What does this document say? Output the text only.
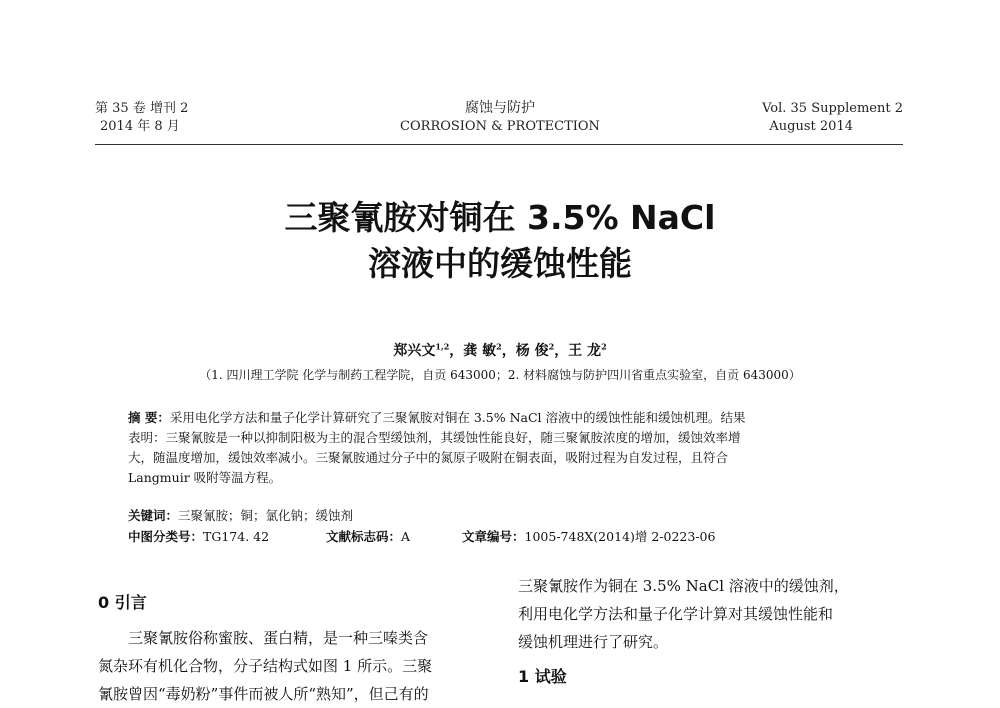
第 35 卷 增刊 2
2014 年 8 月
腐蚀与防护
CORROSION & PROTECTION
Vol. 35 Supplement 2
August 2014
三聚氰胺对铜在 3.5% NaCl
溶液中的缓蚀性能
郑兴文$^{1,2}$，龚 敏$^2$，杨 俊$^2$，王 龙$^2$
（1. 四川理工学院 化学与制药工程学院，自贡 643000；2. 材料腐蚀与防护四川省重点实验室，自贡 643000）
摘 要：采用电化学方法和量子化学计算研究了三聚氰胺对铜在 3.5% NaCl 溶液中的缓蚀性能和缓蚀机理。结果
表明：三聚氰胺是一种以抑制阳极为主的混合型缓蚀剂，其缓蚀性能良好，随三聚氰胺浓度的增加，缓蚀效率增
大，随温度增加，缓蚀效率减小。三聚氰胺通过分子中的氮原子吸附在铜表面，吸附过程为自发过程，且符合
Langmuir 吸附等温方程。
关键词：三聚氰胺；铜；氯化钠；缓蚀剂
中图分类号：TG174. 42	文献标志码：A	文章编号：1005-748X(2014)增 2-0223-06
0 引言
三聚氰胺俗称蜜胺、蛋白精，是一种三嗪类含
氮杂环有机化合物，分子结构式如图 1 所示。三聚
氰胺曾因“毒奶粉”事件而被人所“熟知”，但己有的
三聚氰胺作为铜在 3.5% NaCl 溶液中的缓蚀剂，
利用电化学方法和量子化学计算对其缓蚀性能和
缓蚀机理进行了研究。
1 试验
